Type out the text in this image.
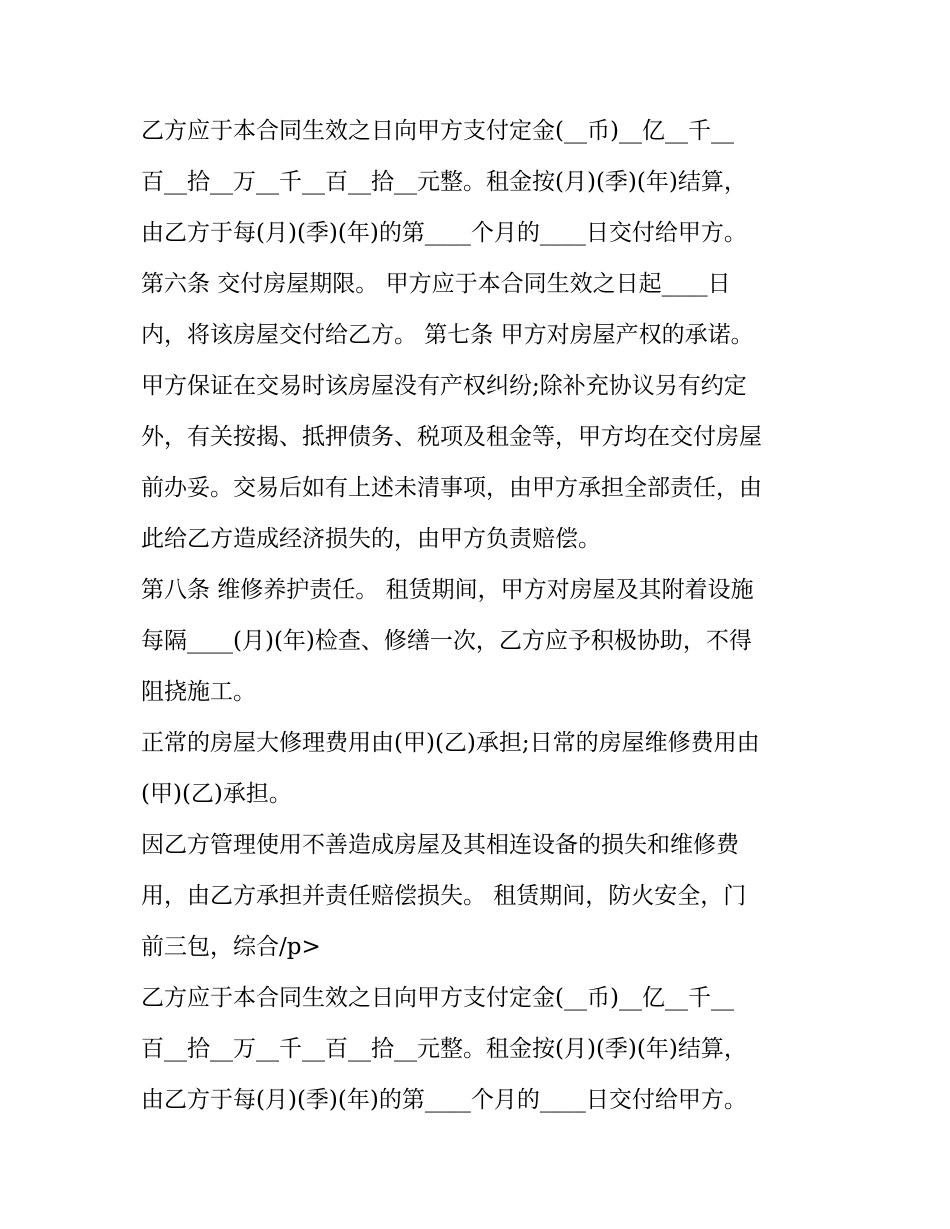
乙方应于本合同生效之日向甲方支付定金(__币)__亿__千__
百__拾__万__千__百__拾__元整。租金按(月)(季)(年)结算，
由乙方于每(月)(季)(年)的第____个月的____日交付给甲方。
第六条 交付房屋期限。 甲方应于本合同生效之日起____日
内，将该房屋交付给乙方。 第七条 甲方对房屋产权的承诺。
甲方保证在交易时该房屋没有产权纠纷;除补充协议另有约定
外，有关按揭、抵押债务、税项及租金等，甲方均在交付房屋
前办妥。交易后如有上述未清事项，由甲方承担全部责任，由
此给乙方造成经济损失的，由甲方负责赔偿。
第八条 维修养护责任。 租赁期间，甲方对房屋及其附着设施
每隔____(月)(年)检查、修缮一次，乙方应予积极协助，不得
阻挠施工。
正常的房屋大修理费用由(甲)(乙)承担;日常的房屋维修费用由
(甲)(乙)承担。
因乙方管理使用不善造成房屋及其相连设备的损失和维修费
用，由乙方承担并责任赔偿损失。 租赁期间，防火安全，门
前三包，综合/p>
乙方应于本合同生效之日向甲方支付定金(__币)__亿__千__
百__拾__万__千__百__拾__元整。租金按(月)(季)(年)结算，
由乙方于每(月)(季)(年)的第____个月的____日交付给甲方。
